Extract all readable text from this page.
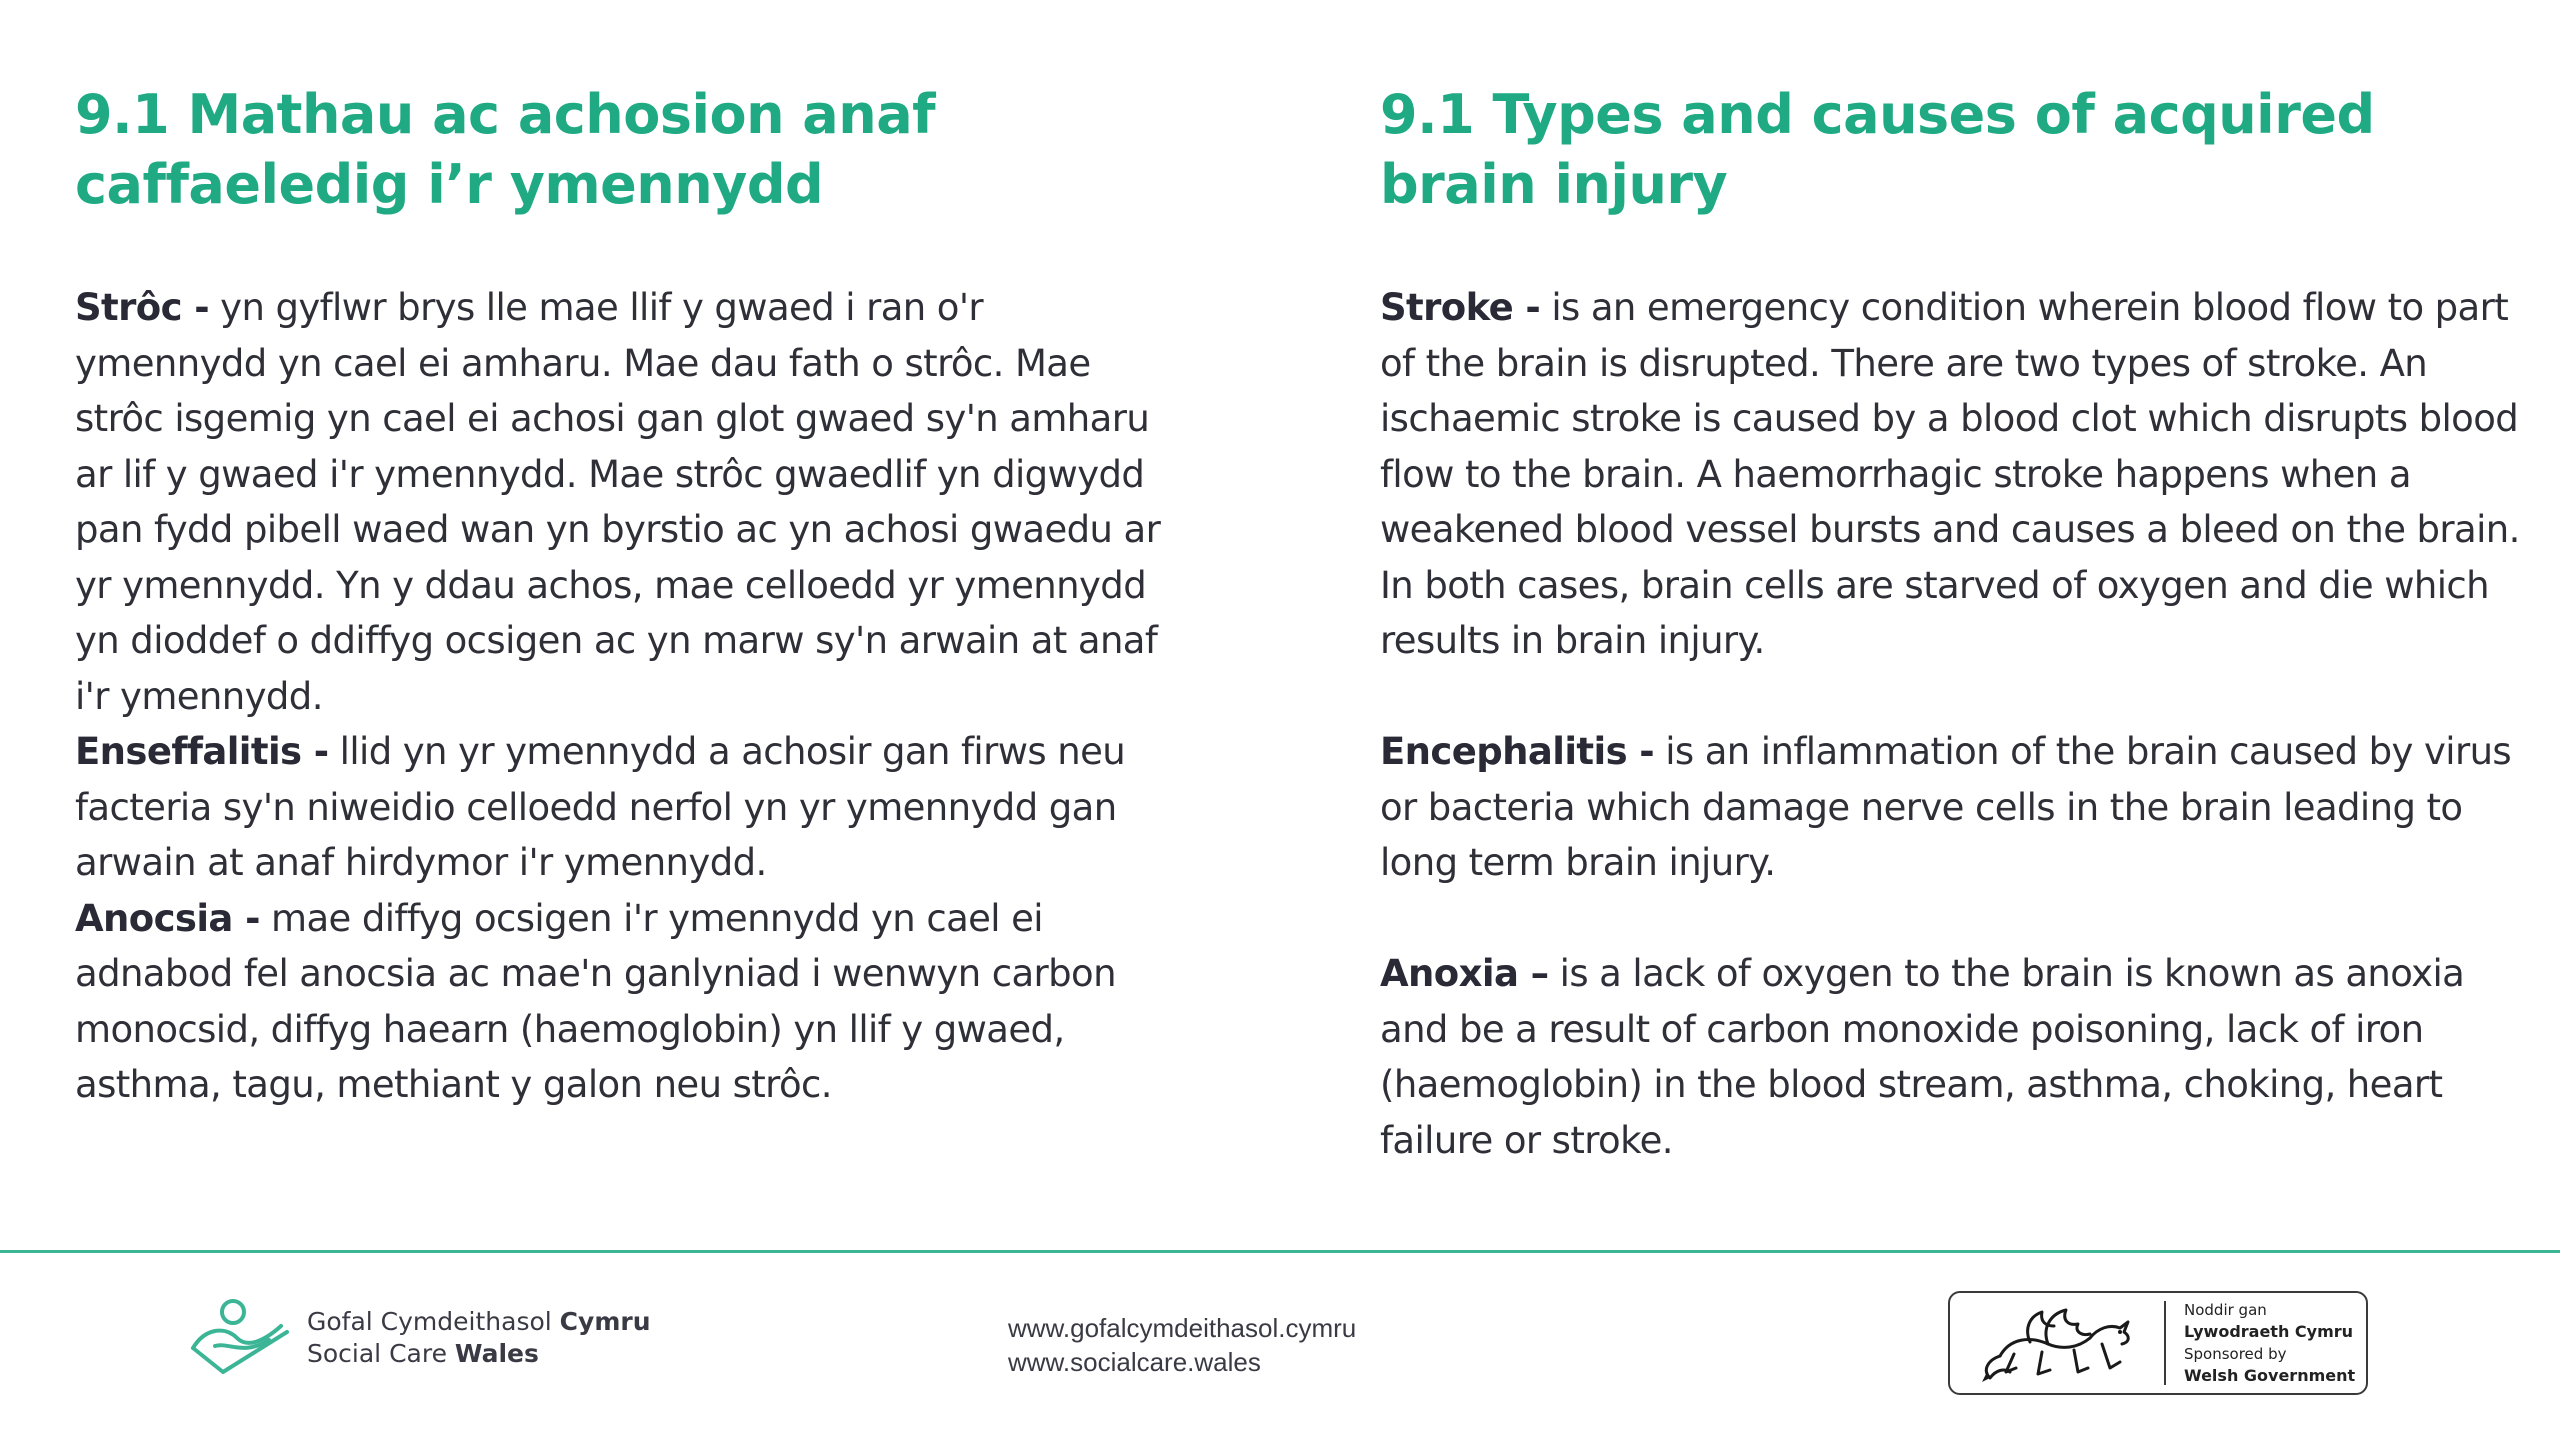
9.1 Mathau ac achosion anaf
caffaeledig i’r ymennydd

Strôc - yn gyflwr brys lle mae llif y gwaed i ran o'r ymennydd yn cael ei amharu. Mae dau fath o strôc. Mae strôc isgemig yn cael ei achosi gan glot gwaed sy'n amharu ar lif y gwaed i'r ymennydd. Mae strôc gwaedlif yn digwydd pan fydd pibell waed wan yn byrstio ac yn achosi gwaedu ar yr ymennydd. Yn y ddau achos, mae celloedd yr ymennydd yn dioddef o ddiffyg ocsigen ac yn marw sy'n arwain at anaf i'r ymennydd.

Enseffalitis - llid yn yr ymennydd a achosir gan firws neu facteria sy'n niweidio celloedd nerfol yn yr ymennydd gan arwain at anaf hirdymor i'r ymennydd.

Anocsia - mae diffyg ocsigen i'r ymennydd yn cael ei adnabod fel anocsia ac mae'n ganlyniad i wenwyn carbon monocsid, diffyg haearn (haemoglobin) yn llif y gwaed, asthma, tagu, methiant y galon neu strôc.

9.1 Types and causes of acquired
brain injury

Stroke - is an emergency condition wherein blood flow to part of the brain is disrupted. There are two types of stroke. An ischaemic stroke is caused by a blood clot which disrupts blood flow to the brain. A haemorrhagic stroke happens when a weakened blood vessel bursts and causes a bleed on the brain. In both cases, brain cells are starved of oxygen and die which results in brain injury.

Encephalitis - is an inflammation of the brain caused by virus or bacteria which damage nerve cells in the brain leading to long term brain injury.

Anoxia – is a lack of oxygen to the brain is known as anoxia and be a result of carbon monoxide poisoning, lack of iron (haemoglobin) in the blood stream, asthma, choking, heart failure or stroke.

Gofal Cymdeithasol Cymru
Social Care Wales
www.gofalcymdeithasol.cymru
www.socialcare.wales
Noddir gan
Lywodraeth Cymru
Sponsored by
Welsh Government
